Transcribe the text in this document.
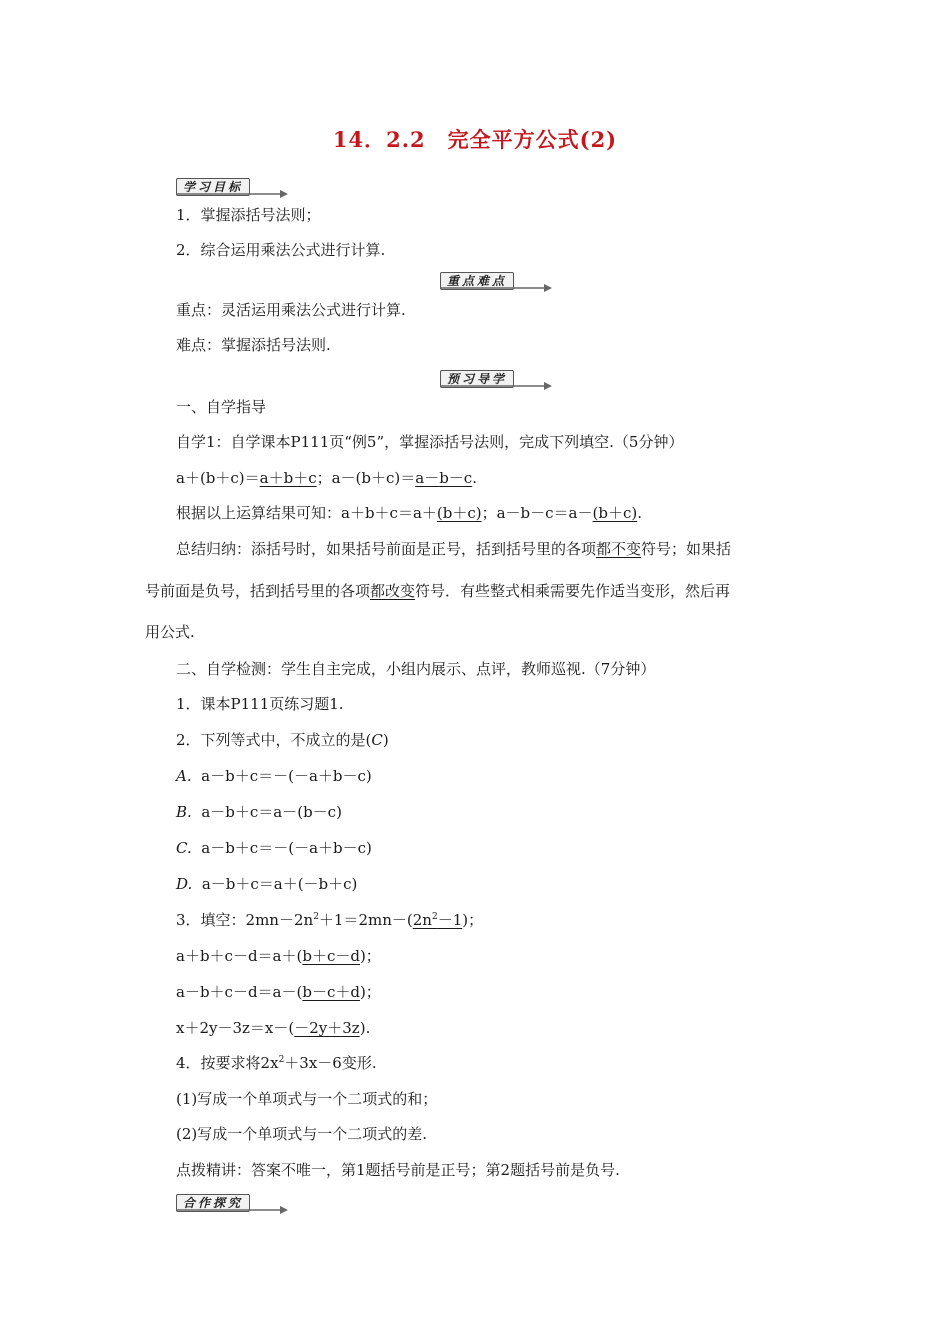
14．2.2　完全平方公式(2)
学习目标
1．掌握添括号法则；
2．综合运用乘法公式进行计算.
重点难点
重点：灵活运用乘法公式进行计算.
难点：掌握添括号法则.
预习导学
一、自学指导
自学1：自学课本P111页“例5”，掌握添括号法则，完成下列填空.（5分钟）
a＋(b＋c)＝a＋b＋c；a－(b＋c)＝a－b－c.
根据以上运算结果可知：a＋b＋c＝a＋(b＋c)；a－b－c＝a－(b＋c).
总结归纳：添括号时，如果括号前面是正号，括到括号里的各项都不变符号；如果括
号前面是负号，括到括号里的各项都改变符号．有些整式相乘需要先作适当变形，然后再
用公式.
二、自学检测：学生自主完成，小组内展示、点评，教师巡视.（7分钟）
1．课本P111页练习题1.
2．下列等式中，不成立的是(C)
A. a－b＋c＝－(－a＋b－c)
B. a－b＋c＝a－(b－c)
C. a－b＋c＝－(－a＋b－c)
D. a－b＋c＝a＋(－b＋c)
3．填空：$2mn-2n^2+1=2mn-(2n^2-1)$；
a＋b＋c－d＝a＋(b＋c－d)；
a－b＋c－d＝a－(b－c＋d)；
x＋2y－3z＝x－(－2y＋3z).
4．按要求将$2x^2+3x-6$变形.
(1)写成一个单项式与一个二项式的和；
(2)写成一个单项式与一个二项式的差.
点拨精讲：答案不唯一，第1题括号前是正号；第2题括号前是负号.
合作探究
